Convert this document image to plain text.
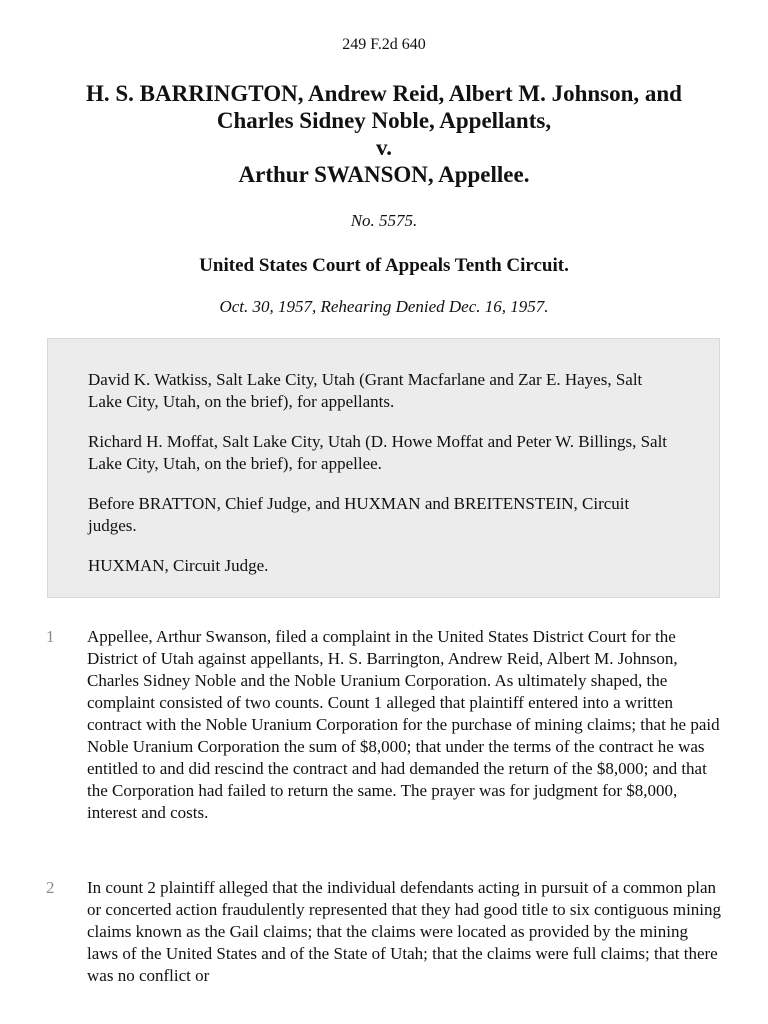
249 F.2d 640
H. S. BARRINGTON, Andrew Reid, Albert M. Johnson, and
Charles Sidney Noble, Appellants,
v.
Arthur SWANSON, Appellee.
No. 5575.
United States Court of Appeals Tenth Circuit.
Oct. 30, 1957, Rehearing Denied Dec. 16, 1957.

David K. Watkiss, Salt Lake City, Utah (Grant Macfarlane and Zar E. Hayes, Salt Lake City, Utah, on the brief), for appellants.

Richard H. Moffat, Salt Lake City, Utah (D. Howe Moffat and Peter W. Billings, Salt Lake City, Utah, on the brief), for appellee.

Before BRATTON, Chief Judge, and HUXMAN and BREITENSTEIN, Circuit judges.

HUXMAN, Circuit Judge.

1 Appellee, Arthur Swanson, filed a complaint in the United States District Court for the District of Utah against appellants, H. S. Barrington, Andrew Reid, Albert M. Johnson, Charles Sidney Noble and the Noble Uranium Corporation. As ultimately shaped, the complaint consisted of two counts. Count 1 alleged that plaintiff entered into a written contract with the Noble Uranium Corporation for the purchase of mining claims; that he paid Noble Uranium Corporation the sum of $8,000; that under the terms of the contract he was entitled to and did rescind the contract and had demanded the return of the $8,000; and that the Corporation had failed to return the same. The prayer was for judgment for $8,000, interest and costs.

2 In count 2 plaintiff alleged that the individual defendants acting in pursuit of a common plan or concerted action fraudulently represented that they had good title to six contiguous mining claims known as the Gail claims; that the claims were located as provided by the mining laws of the United States and of the State of Utah; that the claims were full claims; that there was no conflict or
